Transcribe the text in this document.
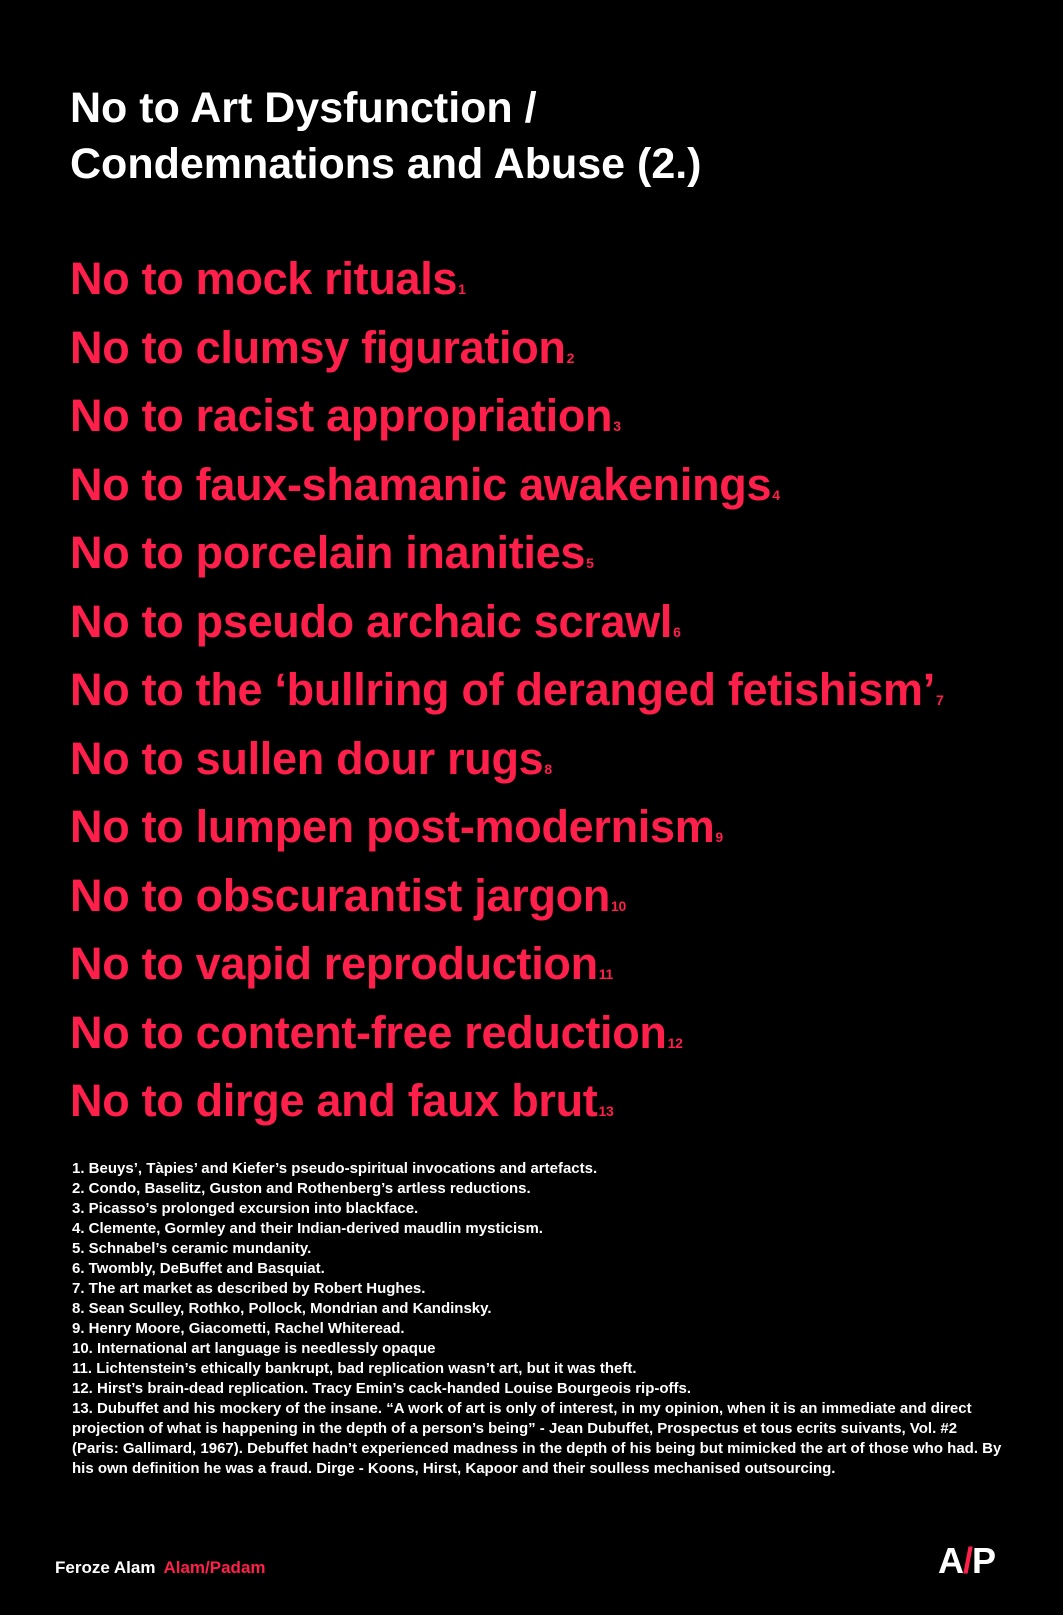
No to Art Dysfunction /
Condemnations and Abuse (2.)
No to mock rituals1
No to clumsy figuration2
No to racist appropriation3
No to faux-shamanic awakenings4
No to porcelain inanities5
No to pseudo archaic scrawl6
No to the ‘bullring of deranged fetishism’7
No to sullen dour rugs8
No to lumpen post-modernism9
No to obscurantist jargon10
No to vapid reproduction11
No to content-free reduction12
No to dirge and faux brut13
1. Beuys’, Tàpies’ and Kiefer’s pseudo-spiritual invocations and artefacts.
2. Condo, Baselitz, Guston and Rothenberg’s artless reductions.
3. Picasso’s prolonged excursion into blackface.
4. Clemente, Gormley and their Indian-derived maudlin mysticism.
5. Schnabel’s ceramic mundanity.
6. Twombly, DeBuffet and Basquiat.
7. The art market as described by Robert Hughes.
8. Sean Sculley, Rothko, Pollock, Mondrian and Kandinsky.
9. Henry Moore, Giacometti, Rachel Whiteread.
10. International art language is needlessly opaque
11. Lichtenstein’s ethically bankrupt, bad replication wasn’t art, but it was theft.
12. Hirst’s brain-dead replication. Tracy Emin’s cack-handed Louise Bourgeois rip-offs.
13. Dubuffet and his mockery of the insane. “A work of art is only of interest, in my opinion, when it is an immediate and direct projection of what is happening in the depth of a person’s being” - Jean Dubuffet, Prospectus et tous ecrits suivants, Vol. #2 (Paris: Gallimard, 1967). Debuffet hadn’t experienced madness in the depth of his being but mimicked the art of those who had. By his own definition he was a fraud. Dirge - Koons, Hirst, Kapoor and their soulless mechanised outsourcing.
Feroze Alam Alam/Padam	A/P
